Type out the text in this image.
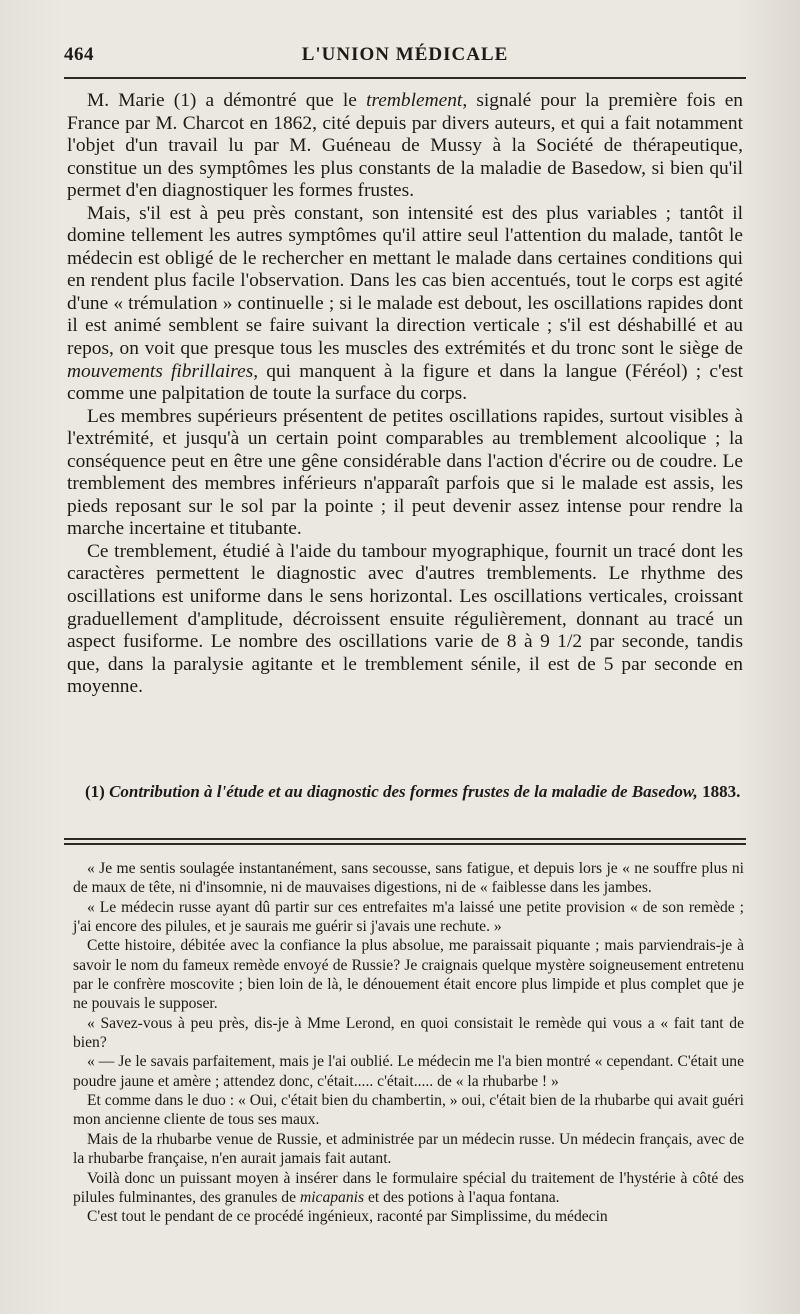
464	L'UNION MÉDICALE

M. Marie (1) a démontré que le tremblement, signalé pour la première fois en France par M. Charcot en 1862, cité depuis par divers auteurs, et qui a fait notamment l'objet d'un travail lu par M. Guéneau de Mussy à la Société de thérapeutique, constitue un des symptômes les plus constants de la maladie de Basedow, si bien qu'il permet d'en diagnostiquer les formes frustes.

Mais, s'il est à peu près constant, son intensité est des plus variables ; tantôt il domine tellement les autres symptômes qu'il attire seul l'attention du malade, tantôt le médecin est obligé de le rechercher en mettant le malade dans certaines conditions qui en rendent plus facile l'observation. Dans les cas bien accentués, tout le corps est agité d'une « trémulation » continuelle ; si le malade est debout, les oscillations rapides dont il est animé semblent se faire suivant la direction verticale ; s'il est déshabillé et au repos, on voit que presque tous les muscles des extrémités et du tronc sont le siège de mouvements fibrillaires, qui manquent à la figure et dans la langue (Féréol) ; c'est comme une palpitation de toute la surface du corps.

Les membres supérieurs présentent de petites oscillations rapides, surtout visibles à l'extrémité, et jusqu'à un certain point comparables au tremblement alcoolique ; la conséquence peut en être une gêne considérable dans l'action d'écrire ou de coudre. Le tremblement des membres inférieurs n'apparaît parfois que si le malade est assis, les pieds reposant sur le sol par la pointe ; il peut devenir assez intense pour rendre la marche incertaine et titubante.

Ce tremblement, étudié à l'aide du tambour myographique, fournit un tracé dont les caractères permettent le diagnostic avec d'autres tremblements. Le rhythme des oscillations est uniforme dans le sens horizontal. Les oscillations verticales, croissant graduellement d'amplitude, décroissent ensuite régulièrement, donnant au tracé un aspect fusiforme. Le nombre des oscillations varie de 8 à 9 1/2 par seconde, tandis que, dans la paralysie agitante et le tremblement sénile, il est de 5 par seconde en moyenne.

(1) Contribution à l'étude et au diagnostic des formes frustes de la maladie de Basedow, 1883.

« Je me sentis soulagée instantanément, sans secousse, sans fatigue, et depuis lors je « ne souffre plus ni de maux de tête, ni d'insomnie, ni de mauvaises digestions, ni de « faiblesse dans les jambes.

« Le médecin russe ayant dû partir sur ces entrefaites m'a laissé une petite provision « de son remède ; j'ai encore des pilules, et je saurais me guérir si j'avais une rechute. »

Cette histoire, débitée avec la confiance la plus absolue, me paraissait piquante ; mais parviendrais-je à savoir le nom du fameux remède envoyé de Russie? Je craignais quelque mystère soigneusement entretenu par le confrère moscovite ; bien loin de là, le dénouement était encore plus limpide et plus complet que je ne pouvais le supposer.

« Savez-vous à peu près, dis-je à Mme Lerond, en quoi consistait le remède qui vous a « fait tant de bien?

« — Je le savais parfaitement, mais je l'ai oublié. Le médecin me l'a bien montré « cependant. C'était une poudre jaune et amère ; attendez donc, c'était..... c'était..... de « la rhubarbe ! »

Et comme dans le duo : « Oui, c'était bien du chambertin, » oui, c'était bien de la rhubarbe qui avait guéri mon ancienne cliente de tous ses maux.

Mais de la rhubarbe venue de Russie, et administrée par un médecin russe. Un médecin français, avec de la rhubarbe française, n'en aurait jamais fait autant.

Voilà donc un puissant moyen à insérer dans le formulaire spécial du traitement de l'hystérie à côté des pilules fulminantes, des granules de micapanis et des potions à l'aqua fontana.

C'est tout le pendant de ce procédé ingénieux, raconté par Simplissime, du médecin
